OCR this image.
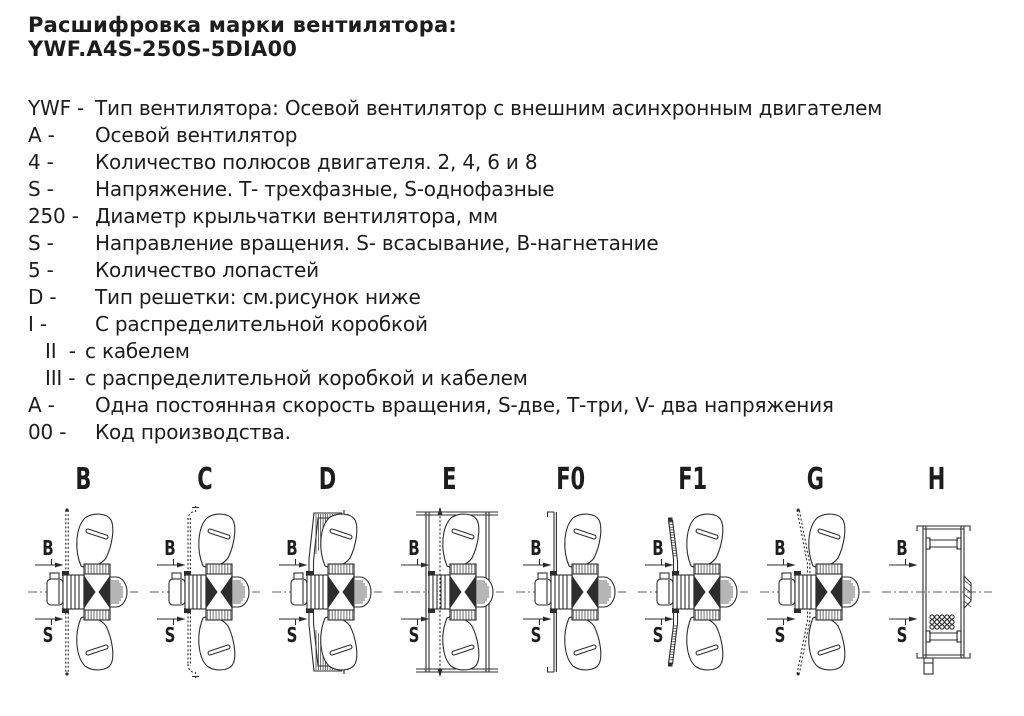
Расшифровка марки вентилятора:
YWF.A4S-250S-5DIA00
YWF - Тип вентилятора: Осевой вентилятор с внешним асинхронным двигателем
A -	Осевой вентилятор
4 -	Количество полюсов двигателя. 2, 4, 6 и 8
S -	Напряжение. Т- трехфазные, S-однофазные
250 - Диаметр крыльчатки вентилятора, мм
S -	Направление вращения. S- всасывание, В-нагнетание
5 -	Количество лопастей
D -	Тип решетки: см.рисунок ниже
I -	С распределительной коробкой
II  - с кабелем
III - с распределительной коробкой и кабелем
A -	Одна постоянная скорость вращения, S-две, Т-три, V- два напряжения
00 -	Код производства.
B
B
S
C
B
S
D
B
S
E
B
S
F0
B
S
F1
B
S
G
B
S
H
B
S
